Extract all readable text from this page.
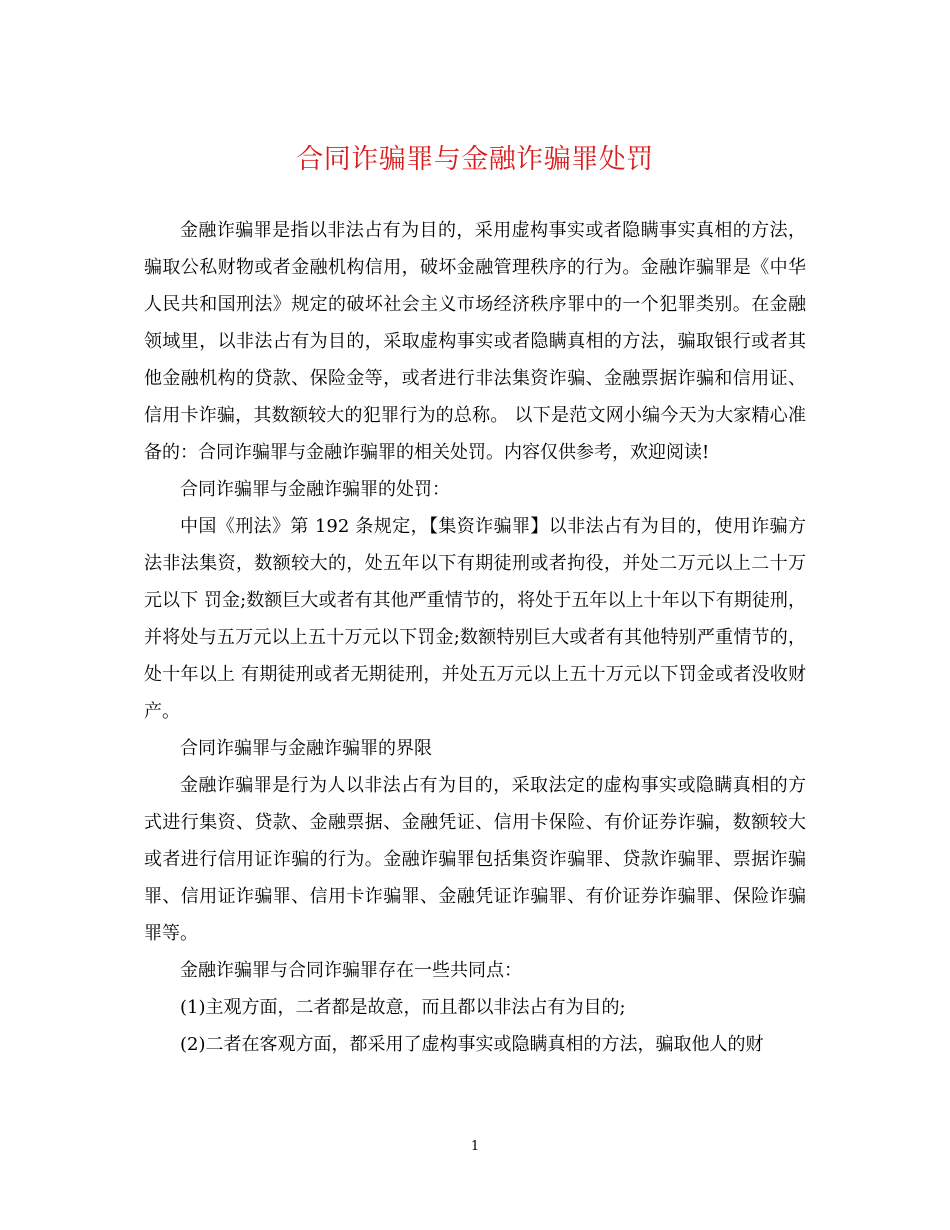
合同诈骗罪与金融诈骗罪处罚

金融诈骗罪是指以非法占有为目的，采用虚构事实或者隐瞒事实真相的方法，骗取公私财物或者金融机构信用，破坏金融管理秩序的行为。金融诈骗罪是《中华人民共和国刑法》规定的破坏社会主义市场经济秩序罪中的一个犯罪类别。在金融领域里，以非法占有为目的，采取虚构事实或者隐瞒真相的方法，骗取银行或者其他金融机构的贷款、保险金等，或者进行非法集资诈骗、金融票据诈骗和信用证、信用卡诈骗，其数额较大的犯罪行为的总称。 以下是范文网小编今天为大家精心准备的：合同诈骗罪与金融诈骗罪的相关处罚。内容仅供参考，欢迎阅读!

合同诈骗罪与金融诈骗罪的处罚：

中国《刑法》第 192 条规定，【集资诈骗罪】以非法占有为目的，使用诈骗方法非法集资，数额较大的，处五年以下有期徒刑或者拘役，并处二万元以上二十万元以下 罚金;数额巨大或者有其他严重情节的，将处于五年以上十年以下有期徒刑，并将处与五万元以上五十万元以下罚金;数额特别巨大或者有其他特别严重情节的，处十年以上 有期徒刑或者无期徒刑，并处五万元以上五十万元以下罚金或者没收财产。

合同诈骗罪与金融诈骗罪的界限

金融诈骗罪是行为人以非法占有为目的，采取法定的虚构事实或隐瞒真相的方式进行集资、贷款、金融票据、金融凭证、信用卡保险、有价证券诈骗，数额较大或者进行信用证诈骗的行为。金融诈骗罪包括集资诈骗罪、贷款诈骗罪、票据诈骗罪、信用证诈骗罪、信用卡诈骗罪、金融凭证诈骗罪、有价证券诈骗罪、保险诈骗罪等。

金融诈骗罪与合同诈骗罪存在一些共同点：

(1)主观方面，二者都是故意，而且都以非法占有为目的;

(2)二者在客观方面，都采用了虚构事实或隐瞒真相的方法，骗取他人的财

1
